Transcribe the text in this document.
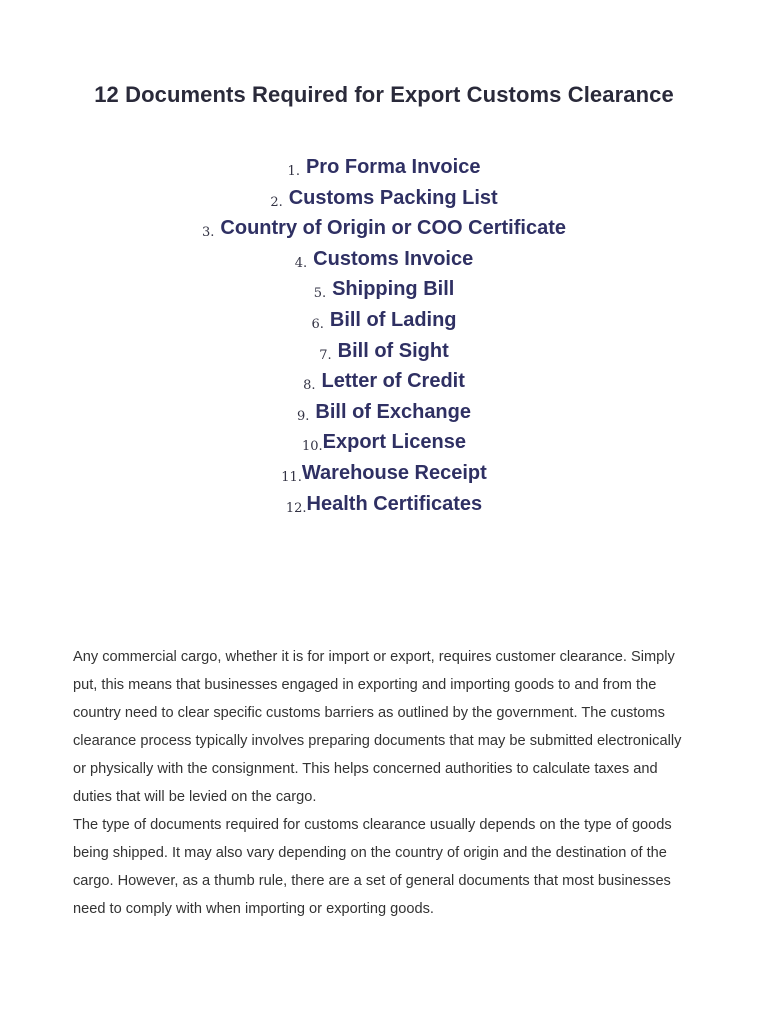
12 Documents Required for Export Customs Clearance
1. Pro Forma Invoice
2. Customs Packing List
3. Country of Origin or COO Certificate
4. Customs Invoice
5. Shipping Bill
6. Bill of Lading
7. Bill of Sight
8. Letter of Credit
9. Bill of Exchange
10.Export License
11.Warehouse Receipt
12.Health Certificates

Any commercial cargo, whether it is for import or export, requires customer clearance. Simply put, this means that businesses engaged in exporting and importing goods to and from the country need to clear specific customs barriers as outlined by the government. The customs clearance process typically involves preparing documents that may be submitted electronically or physically with the consignment. This helps concerned authorities to calculate taxes and duties that will be levied on the cargo.

The type of documents required for customs clearance usually depends on the type of goods being shipped. It may also vary depending on the country of origin and the destination of the cargo. However, as a thumb rule, there are a set of general documents that most businesses need to comply with when importing or exporting goods.
